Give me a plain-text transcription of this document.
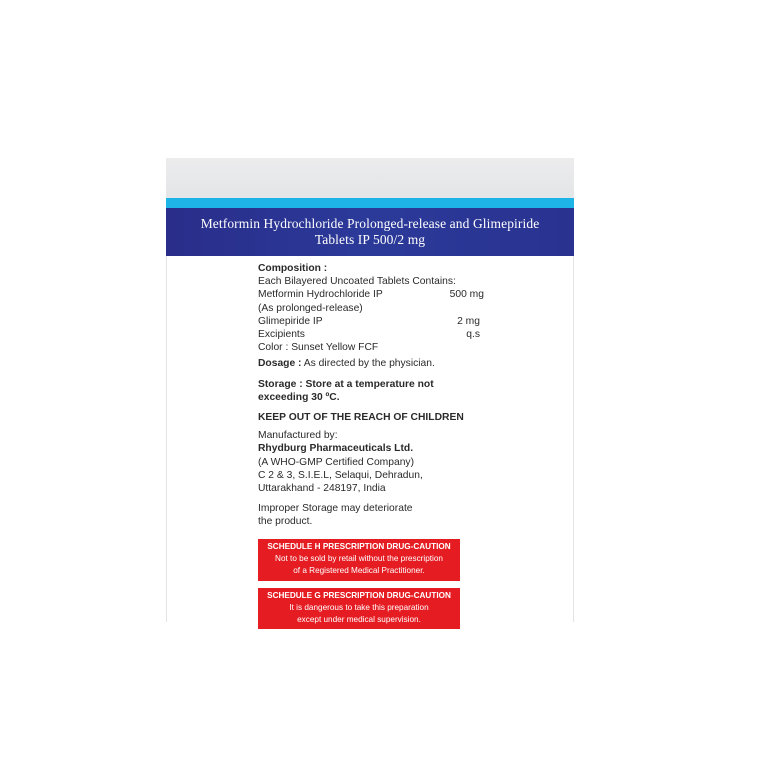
Metformin Hydrochloride Prolonged-release and Glimepiride
Tablets IP 500/2 mg
Composition :
Each Bilayered Uncoated Tablets Contains:
Metformin Hydrochloride IP	500 mg
(As prolonged-release)
Glimepiride IP	2 mg
Excipients	q.s
Color : Sunset Yellow FCF
Dosage : As directed by the physician.
Storage : Store at a temperature not
exceeding 30 ºC.
KEEP OUT OF THE REACH OF CHILDREN
Manufactured by:
Rhydburg Pharmaceuticals Ltd.
(A WHO-GMP Certified Company)
C 2 & 3, S.I.E.L, Selaqui, Dehradun,
Uttarakhand - 248197, India
Improper Storage may deteriorate
the product.
SCHEDULE H PRESCRIPTION DRUG-CAUTION
Not to be sold by retail without the prescription
of a Registered Medical Practitioner.
SCHEDULE G PRESCRIPTION DRUG-CAUTION
It is dangerous to take this preparation
except under medical supervision.
